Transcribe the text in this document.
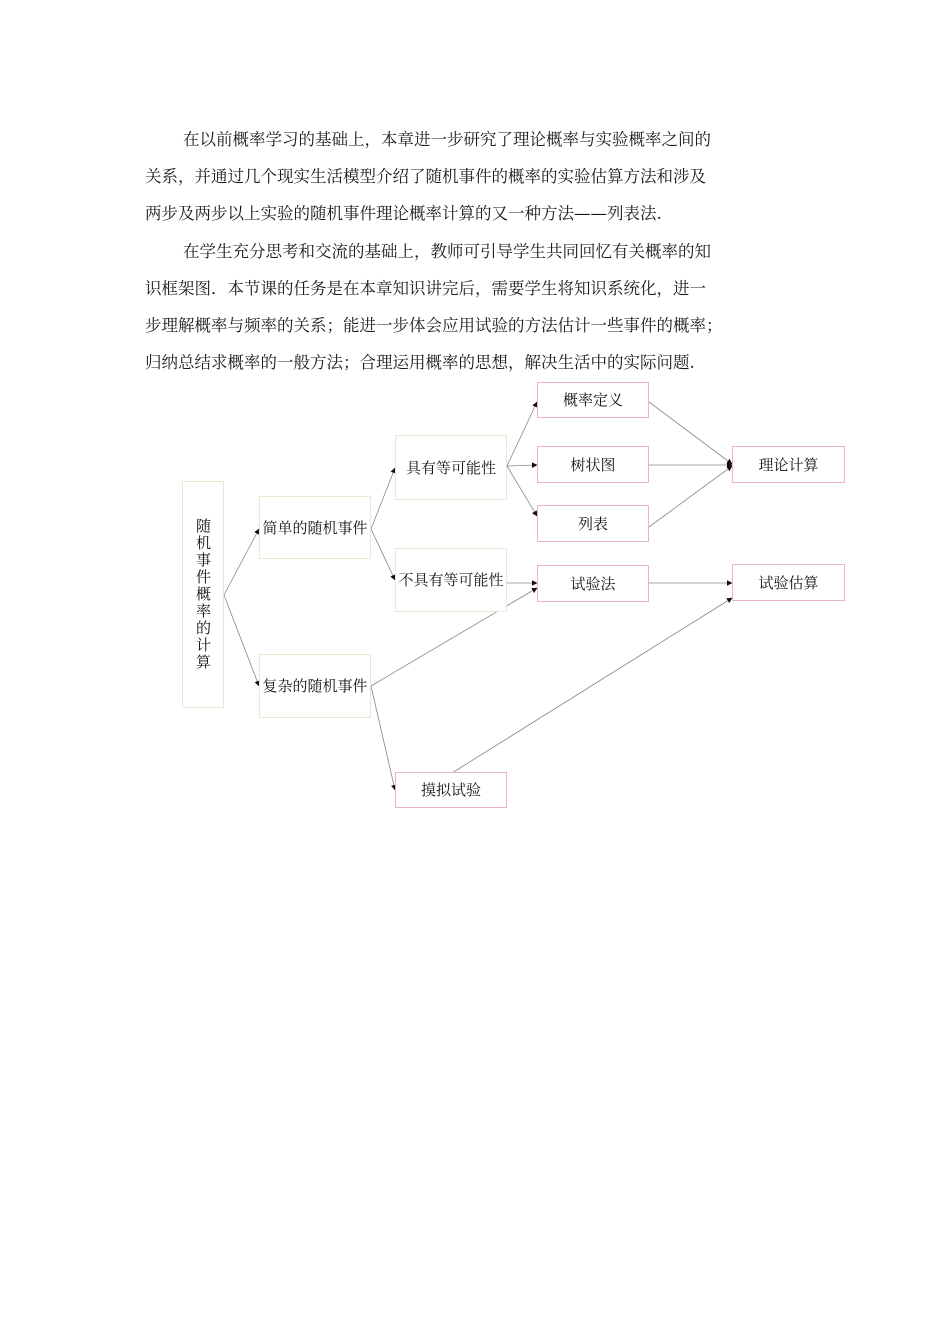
在以前概率学习的基础上，本章进一步研究了理论概率与实验概率之间的
关系，并通过几个现实生活模型介绍了随机事件的概率的实验估算方法和涉及
两步及两步以上实验的随机事件理论概率计算的又一种方法——列表法.
在学生充分思考和交流的基础上，教师可引导学生共同回忆有关概率的知
识框架图．本节课的任务是在本章知识讲完后，需要学生将知识系统化，进一
步理解概率与频率的关系；能进一步体会应用试验的方法估计一些事件的概率；
归纳总结求概率的一般方法；合理运用概率的思想，解决生活中的实际问题.
随机事件概率的计算	简单的随机事件
复杂的随机事件
具有等可能性
不具有等可能性
概率定义
树状图
列表
试验法
摸拟试验
理论计算
试验估算
